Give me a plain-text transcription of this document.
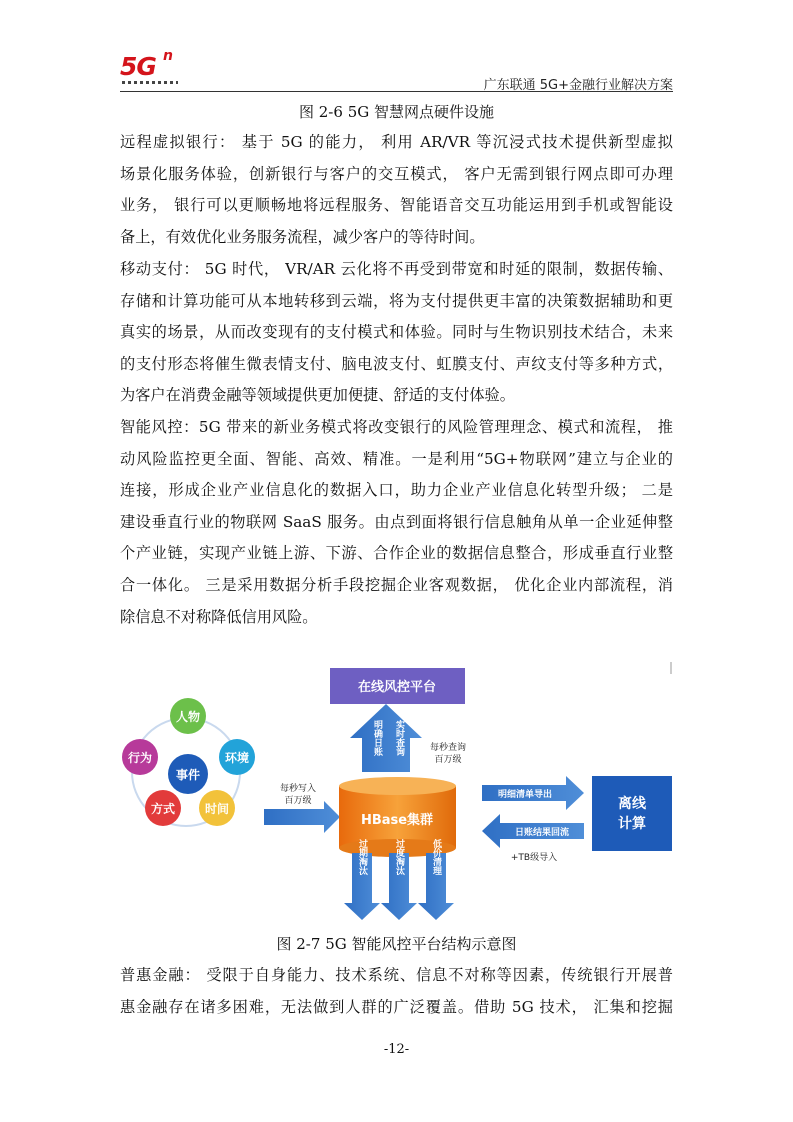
5G n
广东联通 5G+金融行业解决方案
图 2-6 5G 智慧网点硬件设施
远程虚拟银行： 基于 5G 的能力， 利用 AR/VR 等沉浸式技术提供新型虚拟
场景化服务体验，创新银行与客户的交互模式， 客户无需到银行网点即可办理
业务， 银行可以更顺畅地将远程服务、智能语音交互功能运用到手机或智能设
备上，有效优化业务服务流程，减少客户的等待时间。
移动支付： 5G 时代， VR/AR 云化将不再受到带宽和时延的限制，数据传输、
存储和计算功能可从本地转移到云端，将为支付提供更丰富的决策数据辅助和更
真实的场景，从而改变现有的支付模式和体验。同时与生物识别技术结合，未来
的支付形态将催生微表情支付、脑电波支付、虹膜支付、声纹支付等多种方式，
为客户在消费金融等领域提供更加便捷、舒适的支付体验。
智能风控：5G 带来的新业务模式将改变银行的风险管理理念、模式和流程， 推
动风险监控更全面、智能、高效、精准。一是利用“5G+物联网”建立与企业的
连接，形成企业产业信息化的数据入口，助力企业产业信息化转型升级； 二是
建设垂直行业的物联网 SaaS 服务。由点到面将银行信息触角从单一企业延伸整
个产业链，实现产业链上游、下游、合作企业的数据信息整合，形成垂直行业整
合一体化。 三是采用数据分析手段挖掘企业客观数据， 优化企业内部流程，消
除信息不对称降低信用风险。
人物
行为
事件
环境
方式 时间
每秒写入
百万级
在线风控平台
明确日账 实时查询	每秒查询
百万级
HBase集群
过期淘汰	过度淘汰	低价清理
明细清单导出
日账结果回流
+TB级导入
离线
计算
图 2-7 5G 智能风控平台结构示意图
普惠金融： 受限于自身能力、技术系统、信息不对称等因素，传统银行开展普
惠金融存在诸多困难，无法做到人群的广泛覆盖。借助 5G 技术， 汇集和挖掘
-12-
